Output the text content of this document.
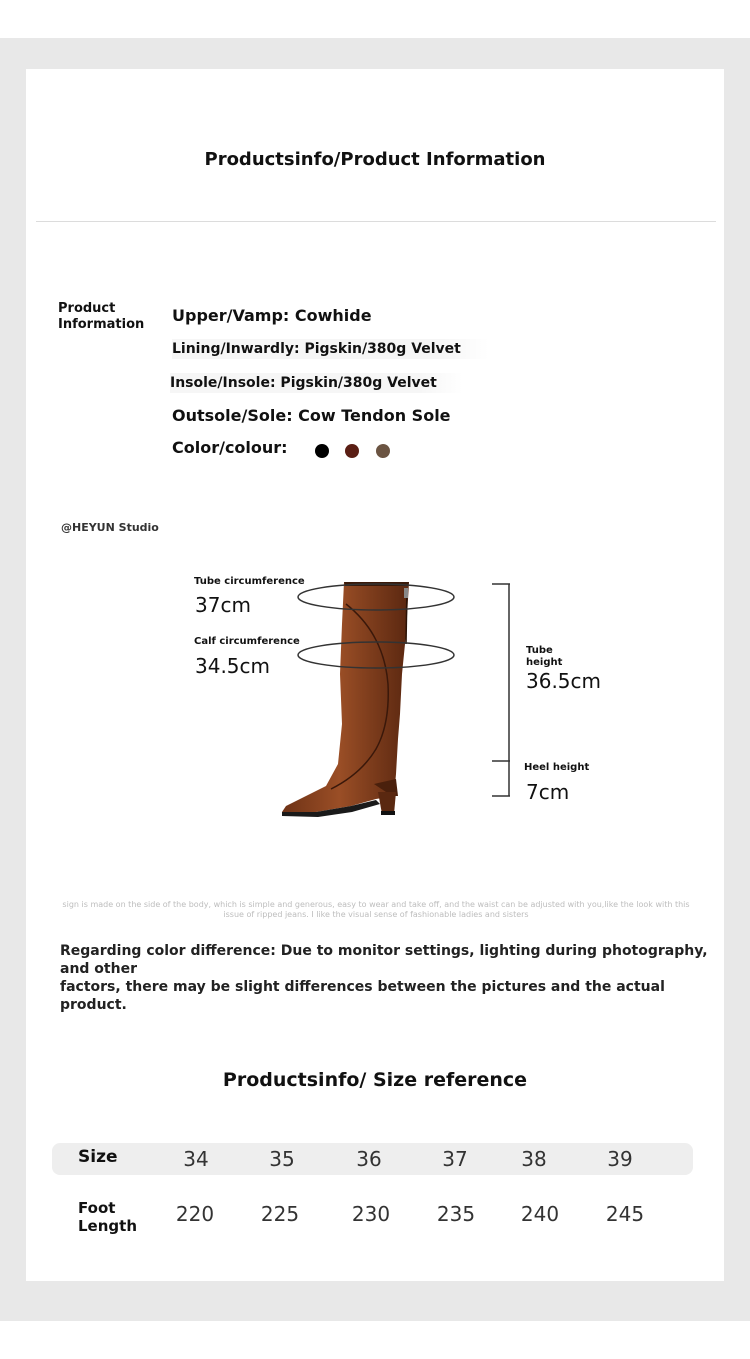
Productsinfo/Product Information
Product
Information Upper/Vamp: Cowhide
Lining/Inwardly: Pigskin/380g Velvet
Insole/Insole: Pigskin/380g Velvet
Outsole/Sole: Cow Tendon Sole
Color/colour:
@HEYUN Studio
Tube circumference
37cm
Calf circumference
34.5cm
Tube
height
36.5cm
Heel height
7cm
sign is made on the side of the body, which is simple and generous, easy to wear and take off, and the waist can be adjusted with you,like the look with this
issue of ripped jeans. I like the visual sense of fashionable ladies and sisters
Regarding color difference: Due to monitor settings, lighting during photography, and other
factors, there may be slight differences between the pictures and the actual product.
Productsinfo/ Size reference
Size	34	35	36	37	38	39
Foot
Length	220	225	230	235	240	245
